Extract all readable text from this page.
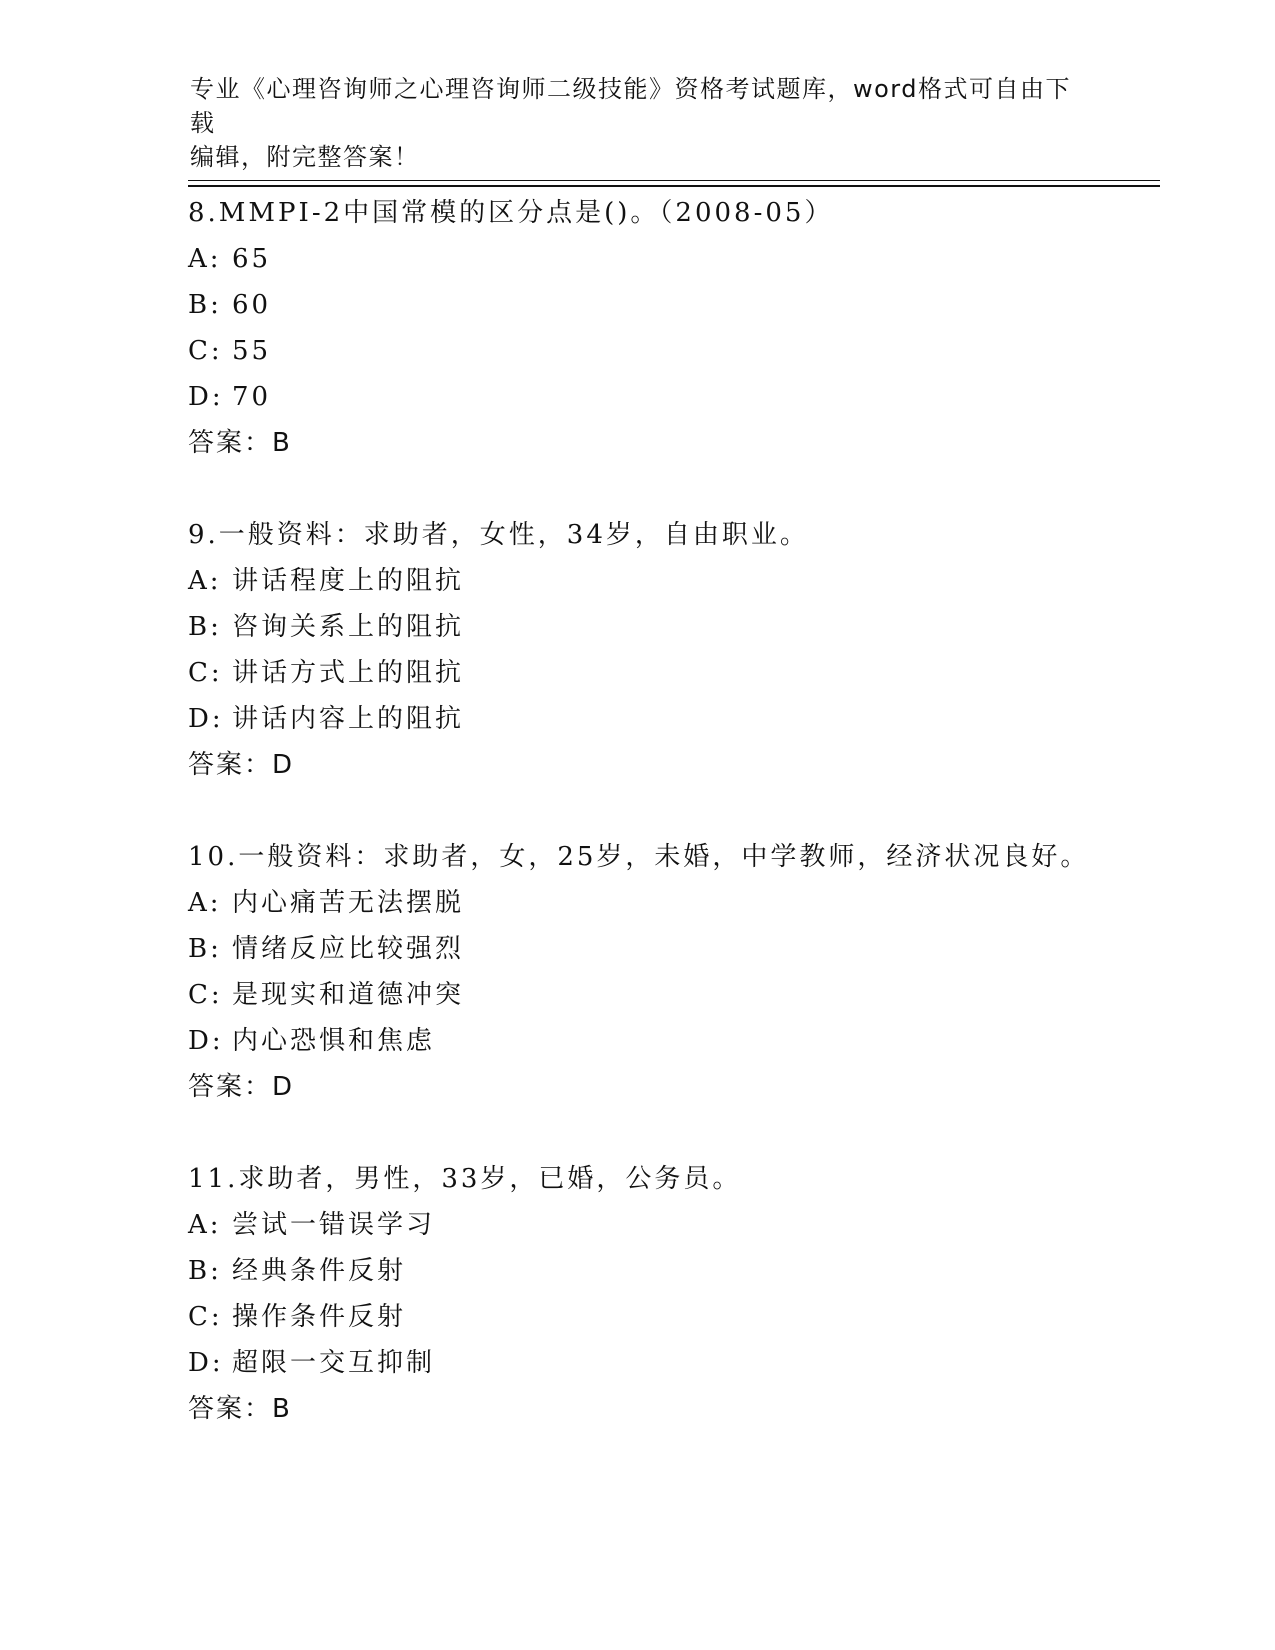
专业《心理咨询师之心理咨询师二级技能》资格考试题库，word格式可自由下载

编辑，附完整答案！

8.MMPI-2中国常模的区分点是()。（2008-05）
A: 65
B: 60
C: 55
D: 70
答案：B
9.一般资料：求助者，女性，34岁，自由职业。
A: 讲话程度上的阻抗
B: 咨询关系上的阻抗
C: 讲话方式上的阻抗
D: 讲话内容上的阻抗
答案：D
10.一般资料：求助者，女，25岁，未婚，中学教师，经济状况良好。
A: 内心痛苦无法摆脱
B: 情绪反应比较强烈
C: 是现实和道德冲突
D: 内心恐惧和焦虑
答案：D
11.求助者，男性，33岁，已婚，公务员。
A: 尝试一错误学习
B: 经典条件反射
C: 操作条件反射
D: 超限一交互抑制
答案：B
